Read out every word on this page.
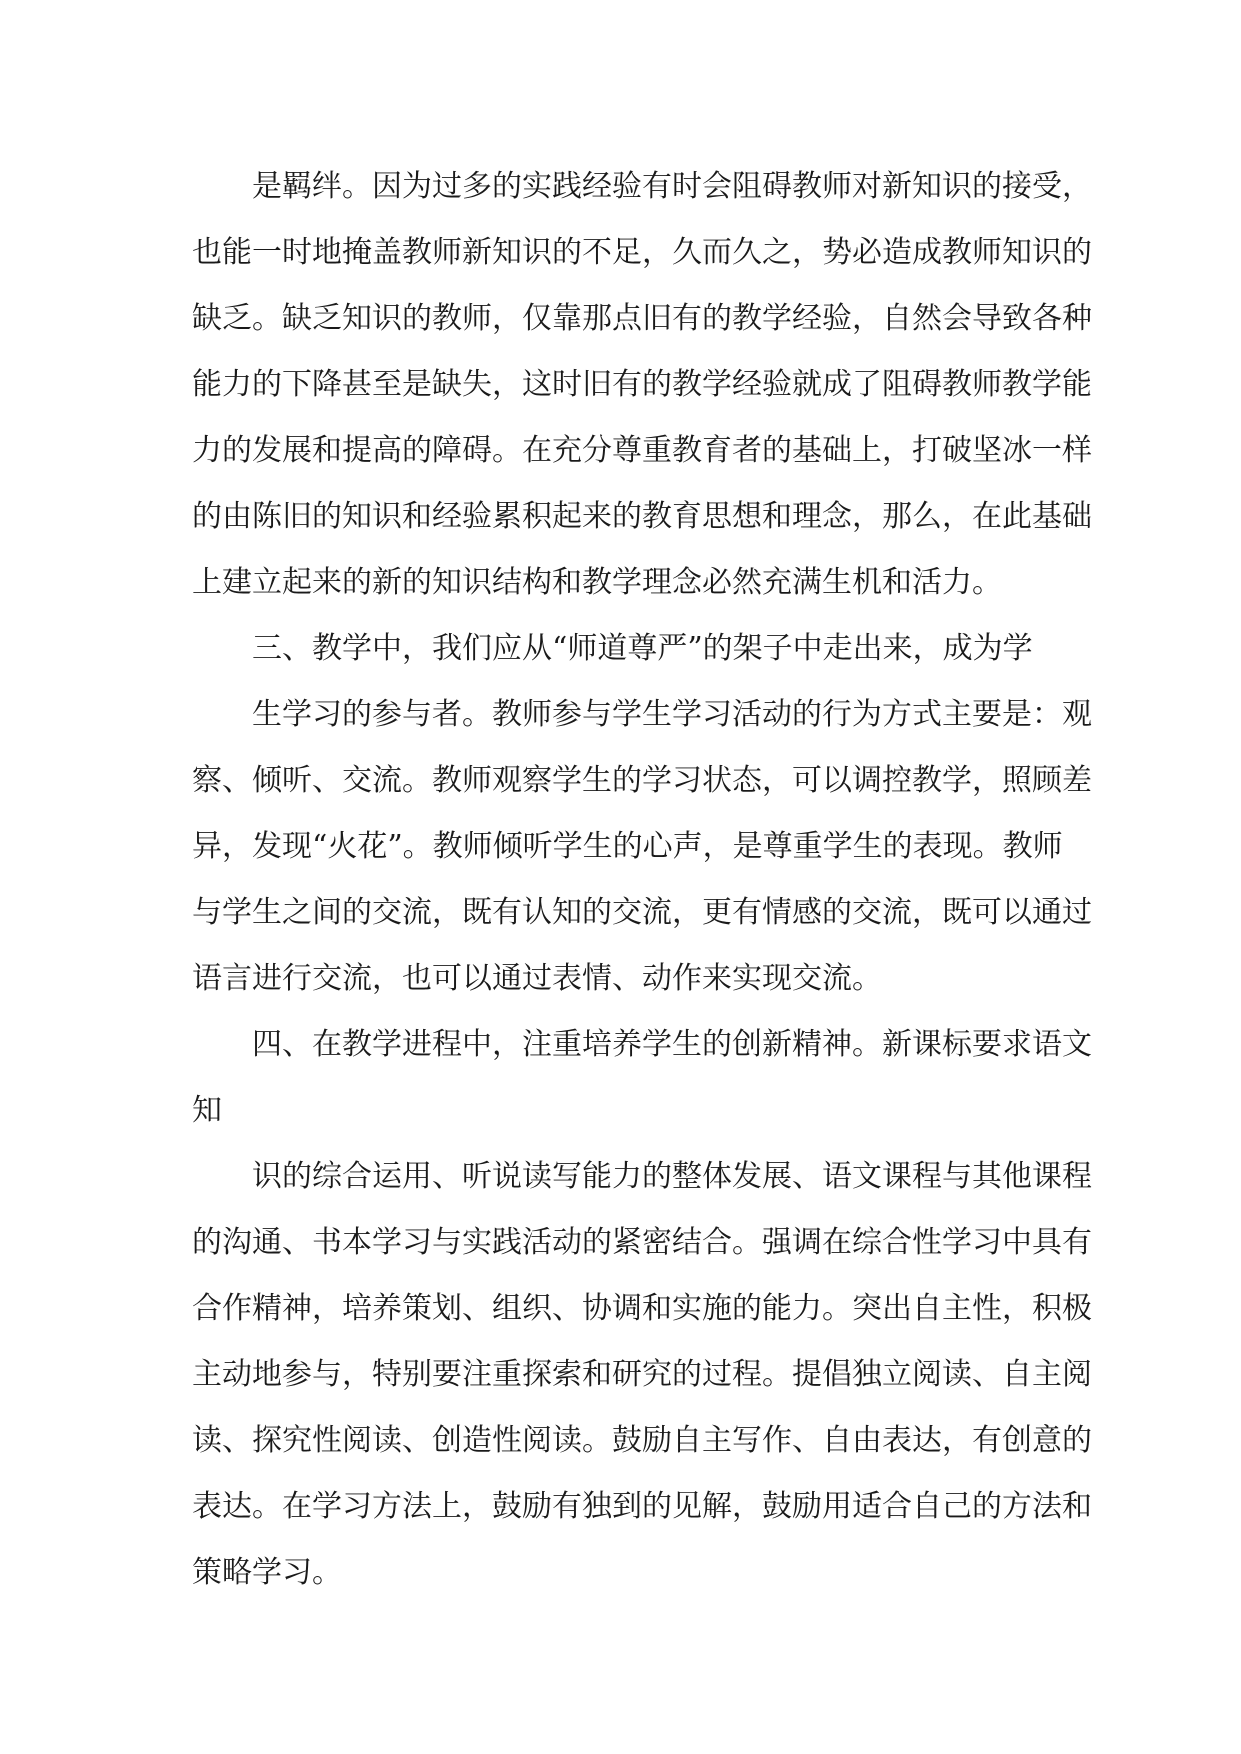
是羁绊。因为过多的实践经验有时会阻碍教师对新知识的接受，
也能一时地掩盖教师新知识的不足，久而久之，势必造成教师知识的
缺乏。缺乏知识的教师，仅靠那点旧有的教学经验，自然会导致各种
能力的下降甚至是缺失，这时旧有的教学经验就成了阻碍教师教学能
力的发展和提高的障碍。在充分尊重教育者的基础上，打破坚冰一样
的由陈旧的知识和经验累积起来的教育思想和理念，那么，在此基础
上建立起来的新的知识结构和教学理念必然充满生机和活力。
三、教学中，我们应从“师道尊严”的架子中走出来，成为学
生学习的参与者。教师参与学生学习活动的行为方式主要是：观
察、倾听、交流。教师观察学生的学习状态，可以调控教学，照顾差
异，发现“火花”。教师倾听学生的心声，是尊重学生的表现。教师
与学生之间的交流，既有认知的交流，更有情感的交流，既可以通过
语言进行交流，也可以通过表情、动作来实现交流。
四、在教学进程中，注重培养学生的创新精神。新课标要求语文
知
识的综合运用、听说读写能力的整体发展、语文课程与其他课程
的沟通、书本学习与实践活动的紧密结合。强调在综合性学习中具有
合作精神，培养策划、组织、协调和实施的能力。突出自主性，积极
主动地参与，特别要注重探索和研究的过程。提倡独立阅读、自主阅
读、探究性阅读、创造性阅读。鼓励自主写作、自由表达，有创意的
表达。在学习方法上，鼓励有独到的见解，鼓励用适合自己的方法和
策略学习。
